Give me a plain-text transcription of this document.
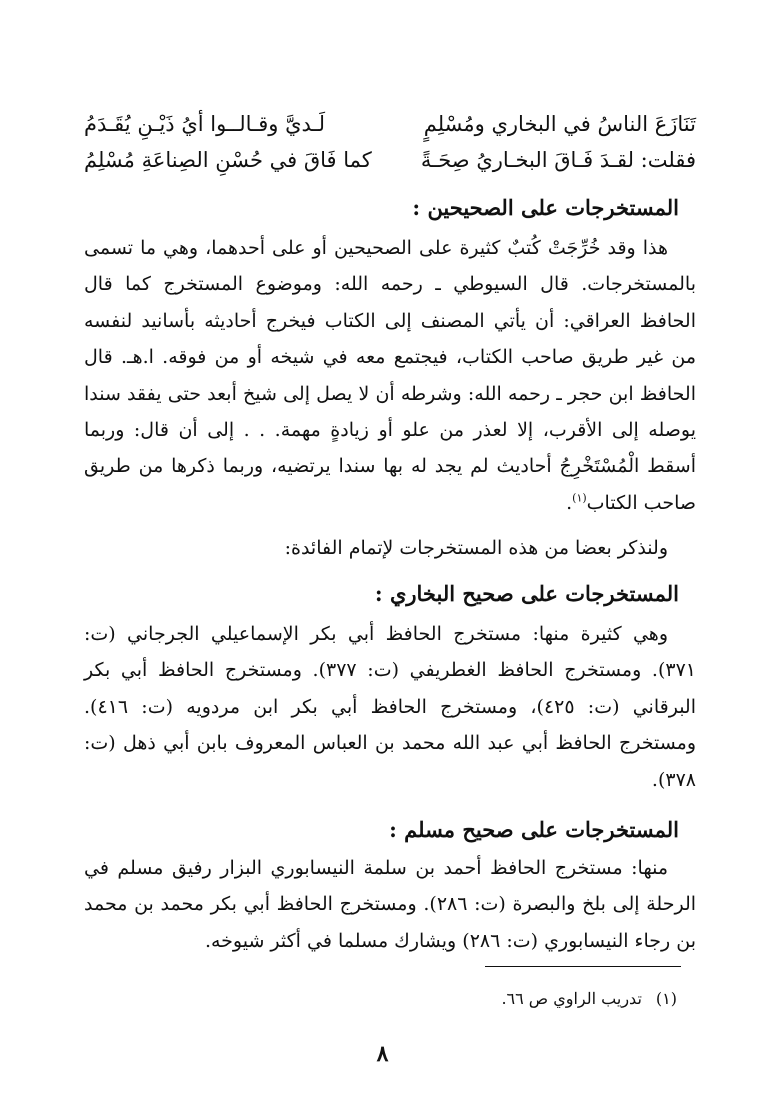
تَنَازَعَ الناسُ في البخاري ومُسْلِمٍ
لَـديَّ وقـالــوا أيُ ذَيْـنِ يُقَـدَمُ
فقلت: لقـدَ فَـاقَ البخـاريُ صِحَـةً
كما فَاقَ في حُسْنِ الصِناعَةِ مُسْلِمُ
المستخرجات على الصحيحين :
هذا وقد خُرِّجَتْ كُتبٌ كثيرة على الصحيحين أو على أحدهما، وهي ما تسمى بالمستخرجات. قال السيوطي ـ رحمه الله: وموضوع المستخرج كما قال الحافظ العراقي: أن يأتي المصنف إلى الكتاب فيخرج أحاديثه بأسانيد لنفسه من غير طريق صاحب الكتاب، فيجتمع معه في شيخه أو من فوقه. ا.هـ. قال الحافظ ابن حجر ـ رحمه الله: وشرطه أن لا يصل إلى شيخ أبعد حتى يفقد سندا يوصله إلى الأقرب، إلا لعذر من علو أو زيادةٍ مهمة. . . إلى أن قال: وربما أسقط الْمُسْتَخْرِجُ أحاديث لم يجد له بها سندا يرتضيه، وربما ذكرها من طريق صاحب الكتاب$^{(١)}$.
ولنذكر بعضا من هذه المستخرجات لإتمام الفائدة:
المستخرجات على صحيح البخاري :
وهي كثيرة منها: مستخرج الحافظ أبي بكر الإسماعيلي الجرجاني (ت: ٣٧١). ومستخرج الحافظ الغطريفي (ت: ٣٧٧). ومستخرج الحافظ أبي بكر البرقاني (ت: ٤٢٥)، ومستخرج الحافظ أبي بكر ابن مردويه (ت: ٤١٦). ومستخرج الحافظ أبي عبد الله محمد بن العباس المعروف بابن أبي ذهل (ت: ٣٧٨).
المستخرجات على صحيح مسلم :
منها: مستخرج الحافظ أحمد بن سلمة النيسابوري البزار رفيق مسلم في الرحلة إلى بلخ والبصرة (ت: ٢٨٦). ومستخرج الحافظ أبي بكر محمد بن محمد بن رجاء النيسابوري (ت: ٢٨٦) ويشارك مسلما في أكثر شيوخه.
(١)تدريب الراوي ص ٦٦.
٨
